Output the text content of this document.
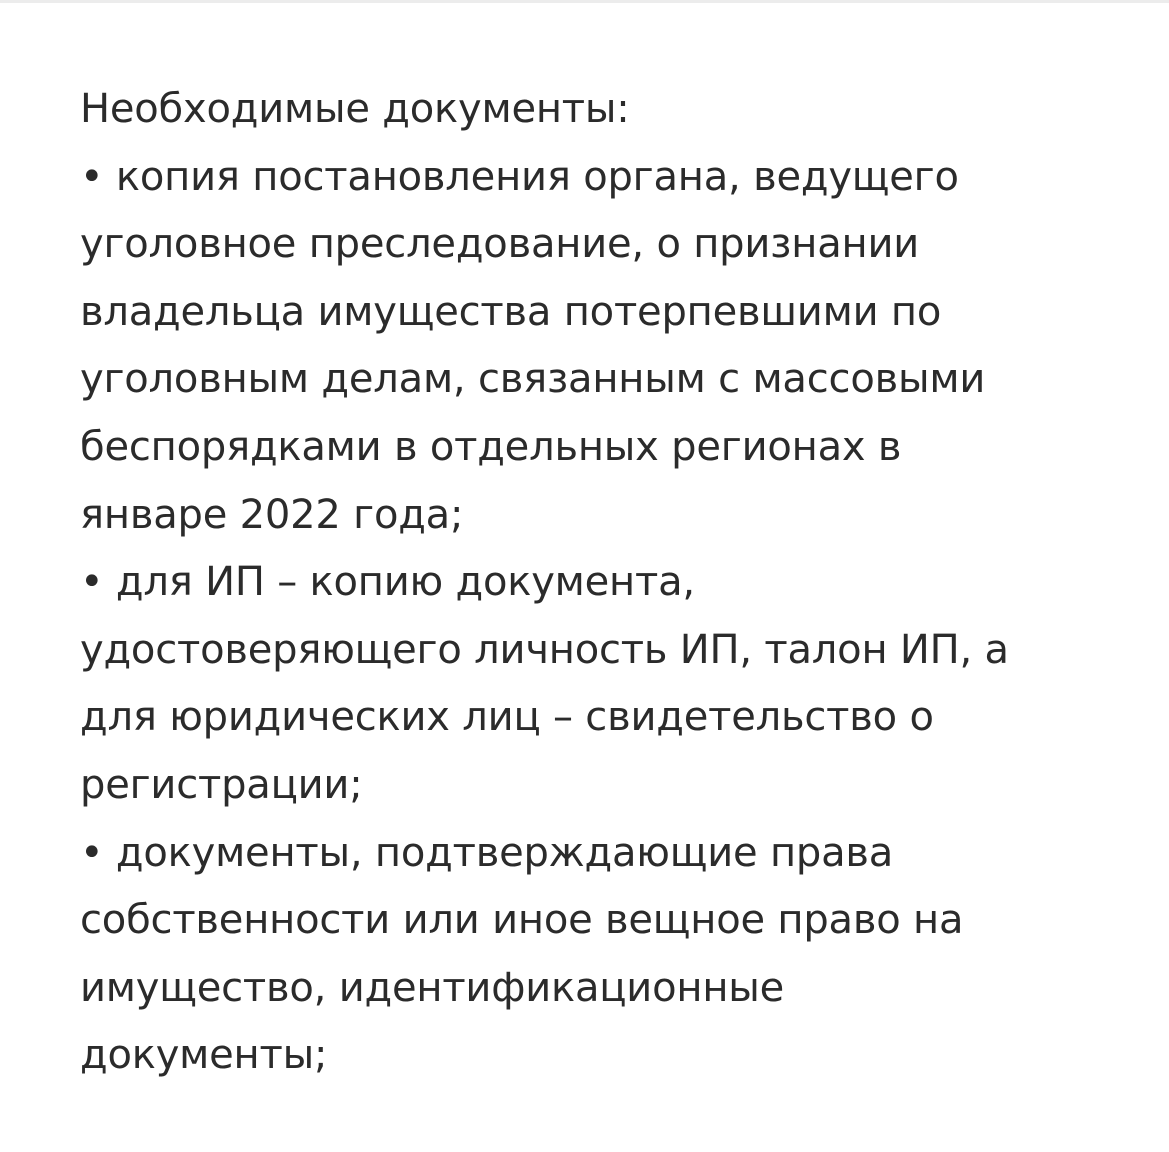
Необходимые документы:
• копия постановления органа, ведущего
уголовное преследование, о признании
владельца имущества потерпевшими по
уголовным делам, связанным с массовыми
беспорядками в отдельных регионах в
январе 2022 года;
• для ИП – копию документа,
удостоверяющего личность ИП, талон ИП, а
для юридических лиц – свидетельство о
регистрации;
• документы, подтверждающие права
собственности или иное вещное право на
имущество, идентификационные
документы;
